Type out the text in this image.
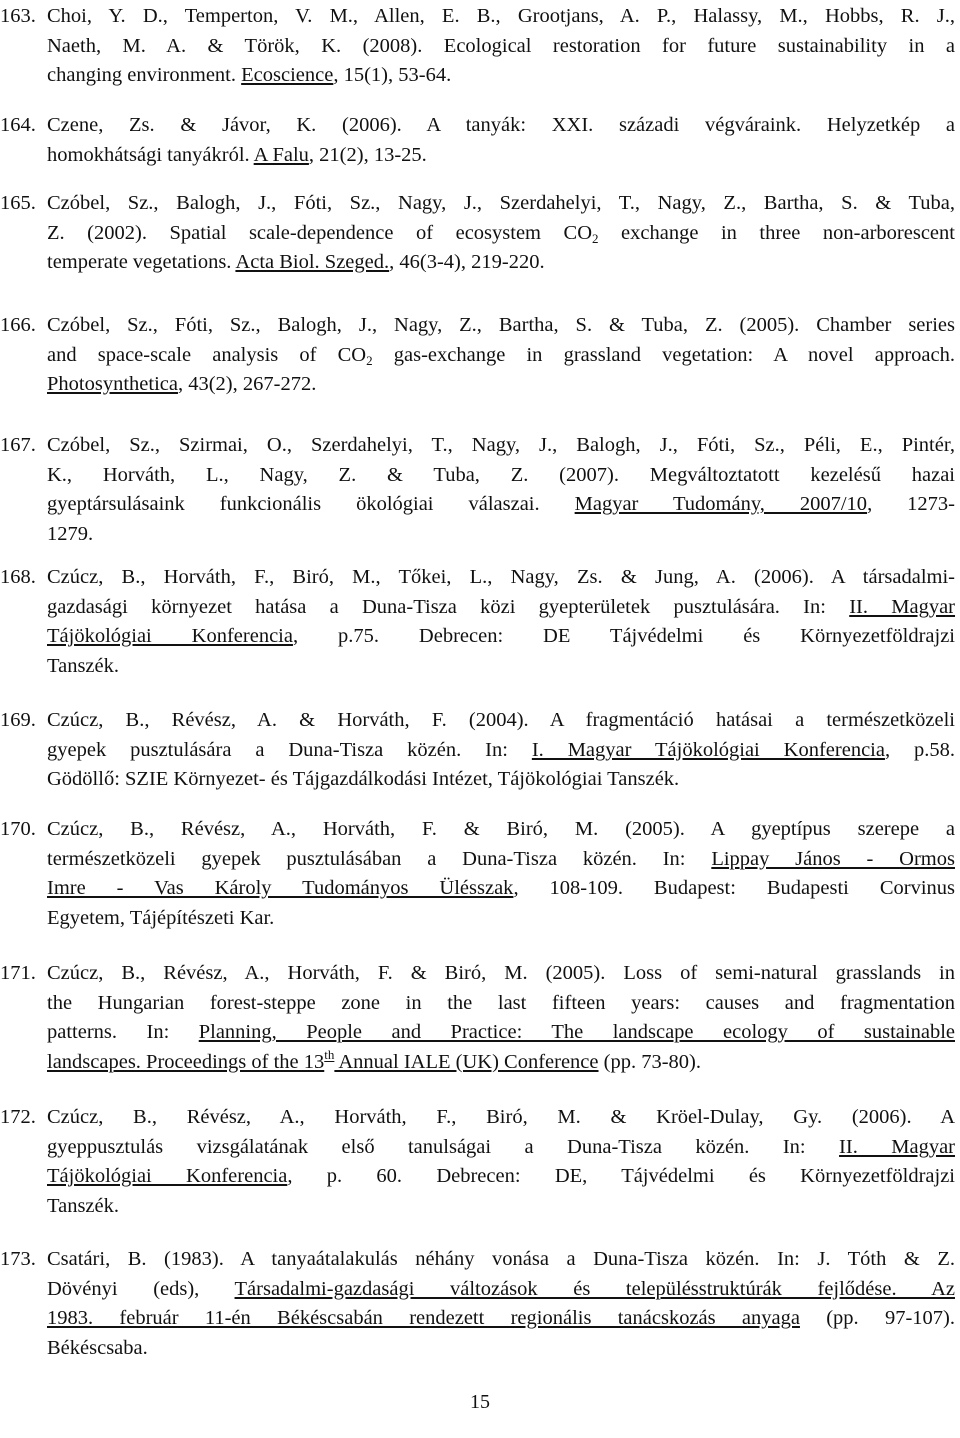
163. Choi, Y. D., Temperton, V. M., Allen, E. B., Grootjans, A. P., Halassy, M., Hobbs, R. J.,
Naeth, M. A. & Török, K. (2008). Ecological restoration for future sustainability in a
changing environment. Ecoscience, 15(1), 53-64.
164. Czene, Zs. & Jávor, K. (2006). A tanyák: XXI. századi végváraink. Helyzetkép a
homokhátsági tanyákról. A Falu, 21(2), 13-25.
165. Czóbel, Sz., Balogh, J., Fóti, Sz., Nagy, J., Szerdahelyi, T., Nagy, Z., Bartha, S. & Tuba,
Z. (2002). Spatial scale-dependence of ecosystem $CO_2$ exchange in three non-arborescent
temperate vegetations. Acta Biol. Szeged., 46(3-4), 219-220.
166. Czóbel, Sz., Fóti, Sz., Balogh, J., Nagy, Z., Bartha, S. & Tuba, Z. (2005). Chamber series
and space-scale analysis of $CO_2$ gas-exchange in grassland vegetation: A novel approach.
Photosynthetica, 43(2), 267-272.
167. Czóbel, Sz., Szirmai, O., Szerdahelyi, T., Nagy, J., Balogh, J., Fóti, Sz., Péli, E., Pintér,
K., Horváth, L., Nagy, Z. & Tuba, Z. (2007). Megváltoztatott kezelésű hazai
gyeptársulásaink funkcionális ökológiai válaszai. Magyar Tudomány, 2007/10, 1273-
1279.
168. Czúcz, B., Horváth, F., Biró, M., Tőkei, L., Nagy, Zs. & Jung, A. (2006). A társadalmi-
gazdasági környezet hatása a Duna-Tisza közi gyepterületek pusztulására. In: II. Magyar
Tájökológiai Konferencia, p.75. Debrecen: DE Tájvédelmi és Környezetföldrajzi
Tanszék.
169. Czúcz, B., Révész, A. & Horváth, F. (2004). A fragmentáció hatásai a természetközeli
gyepek pusztulására a Duna-Tisza közén. In: I. Magyar Tájökológiai Konferencia, p.58.
Gödöllő: SZIE Környezet- és Tájgazdálkodási Intézet, Tájökológiai Tanszék.
170. Czúcz, B., Révész, A., Horváth, F. & Biró, M. (2005). A gyeptípus szerepe a
természetközeli gyepek pusztulásában a Duna-Tisza közén. In: Lippay János - Ormos
Imre - Vas Károly Tudományos Ülésszak, 108-109. Budapest: Budapesti Corvinus
Egyetem, Tájépítészeti Kar.
171. Czúcz, B., Révész, A., Horváth, F. & Biró, M. (2005). Loss of semi-natural grasslands in
the Hungarian forest-steppe zone in the last fifteen years: causes and fragmentation
patterns. In: Planning, People and Practice: The landscape ecology of sustainable
landscapes. Proceedings of the 13th Annual IALE (UK) Conference (pp. 73-80).
172. Czúcz, B., Révész, A., Horváth, F., Biró, M. & Kröel-Dulay, Gy. (2006). A
gyeppusztulás vizsgálatának első tanulságai a Duna-Tisza közén. In: II. Magyar
Tájökológiai Konferencia, p. 60. Debrecen: DE, Tájvédelmi és Környezetföldrajzi
Tanszék.
173. Csatári, B. (1983). A tanyaátalakulás néhány vonása a Duna-Tisza közén. In: J. Tóth & Z.
Dövényi (eds), Társadalmi-gazdasági változások és településstruktúrák fejlődése. Az
1983. február 11-én Békéscsabán rendezett regionális tanácskozás anyaga (pp. 97-107).
Békéscsaba.
15
